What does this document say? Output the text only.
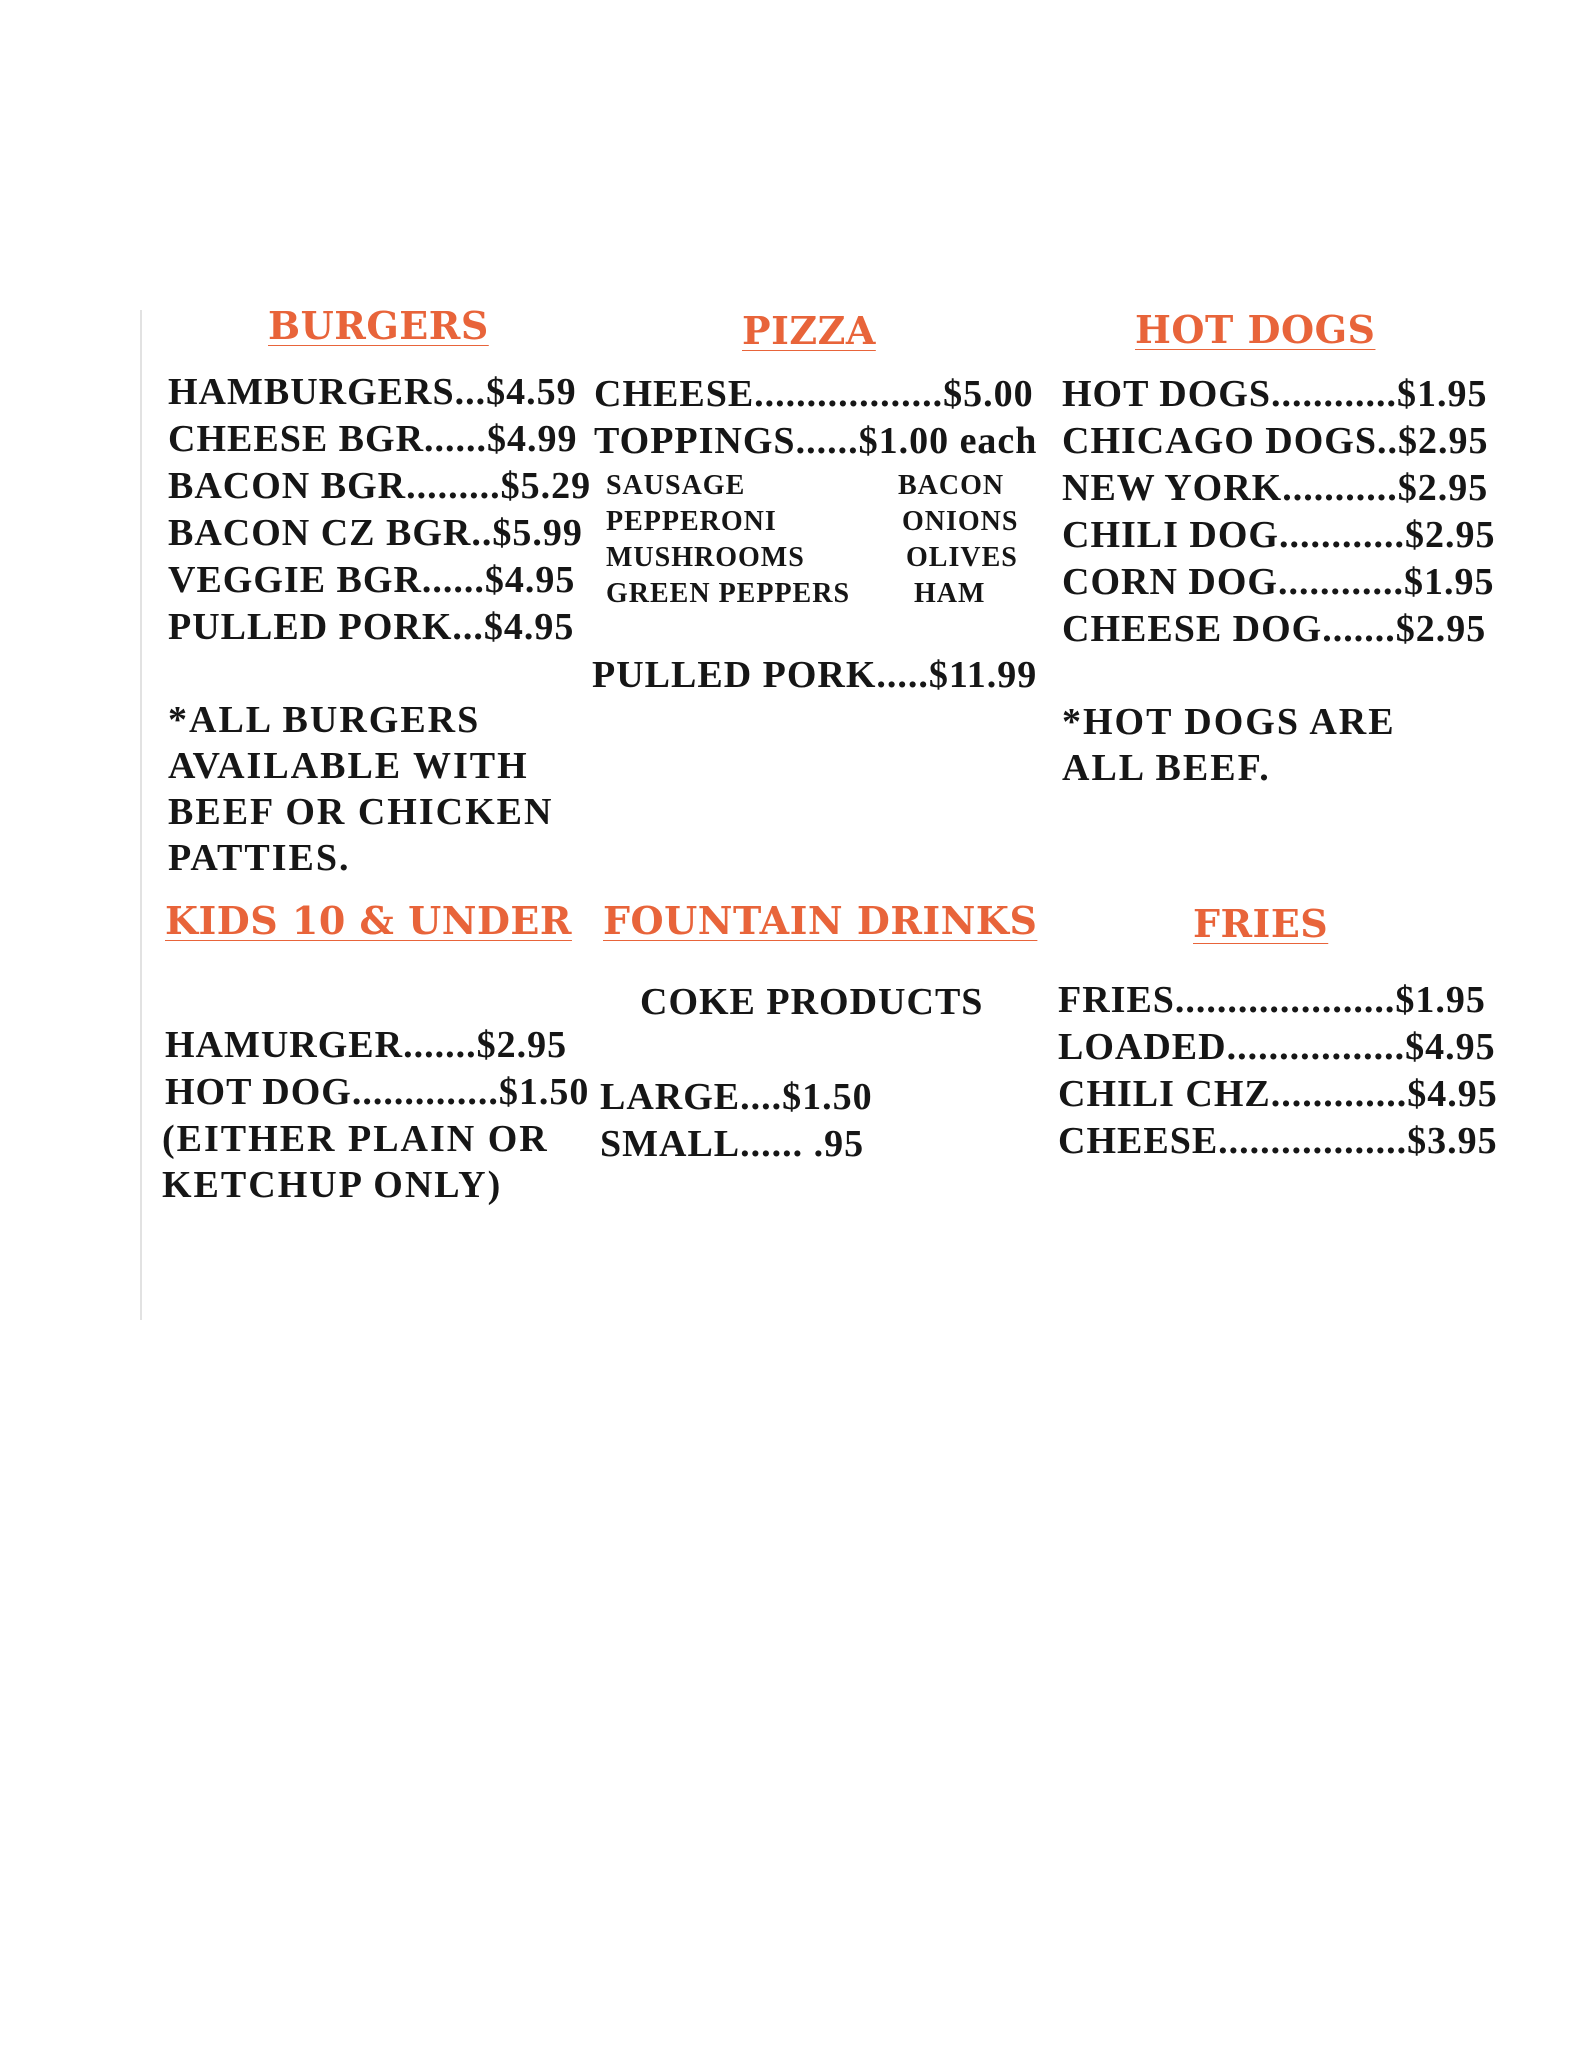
BURGERS
HAMBURGERS...$4.59
CHEESE BGR......$4.99
BACON BGR.........$5.29
BACON CZ BGR..$5.99
VEGGIE BGR......$4.95
PULLED PORK...$4.95
*ALL BURGERS
AVAILABLE WITH
BEEF OR CHICKEN
PATTIES.
PIZZA
CHEESE..................$5.00
TOPPINGS......$1.00 each
SAUSAGE
PEPPERONI
MUSHROOMS
GREEN PEPPERS
BACON
ONIONS
OLIVES
HAM
PULLED PORK.....$11.99
HOT DOGS
HOT DOGS............$1.95
CHICAGO DOGS..$2.95
NEW YORK...........$2.95
CHILI DOG............$2.95
CORN DOG............$1.95
CHEESE DOG.......$2.95
*HOT DOGS ARE
ALL BEEF.
KIDS 10 & UNDER
HAMURGER.......$2.95
HOT DOG..............$1.50
(EITHER PLAIN OR
KETCHUP ONLY)
FOUNTAIN DRINKS
COKE PRODUCTS
LARGE....$1.50
SMALL...... .95
FRIES
FRIES.....................$1.95
LOADED.................$4.95
CHILI CHZ.............$4.95
CHEESE..................$3.95
